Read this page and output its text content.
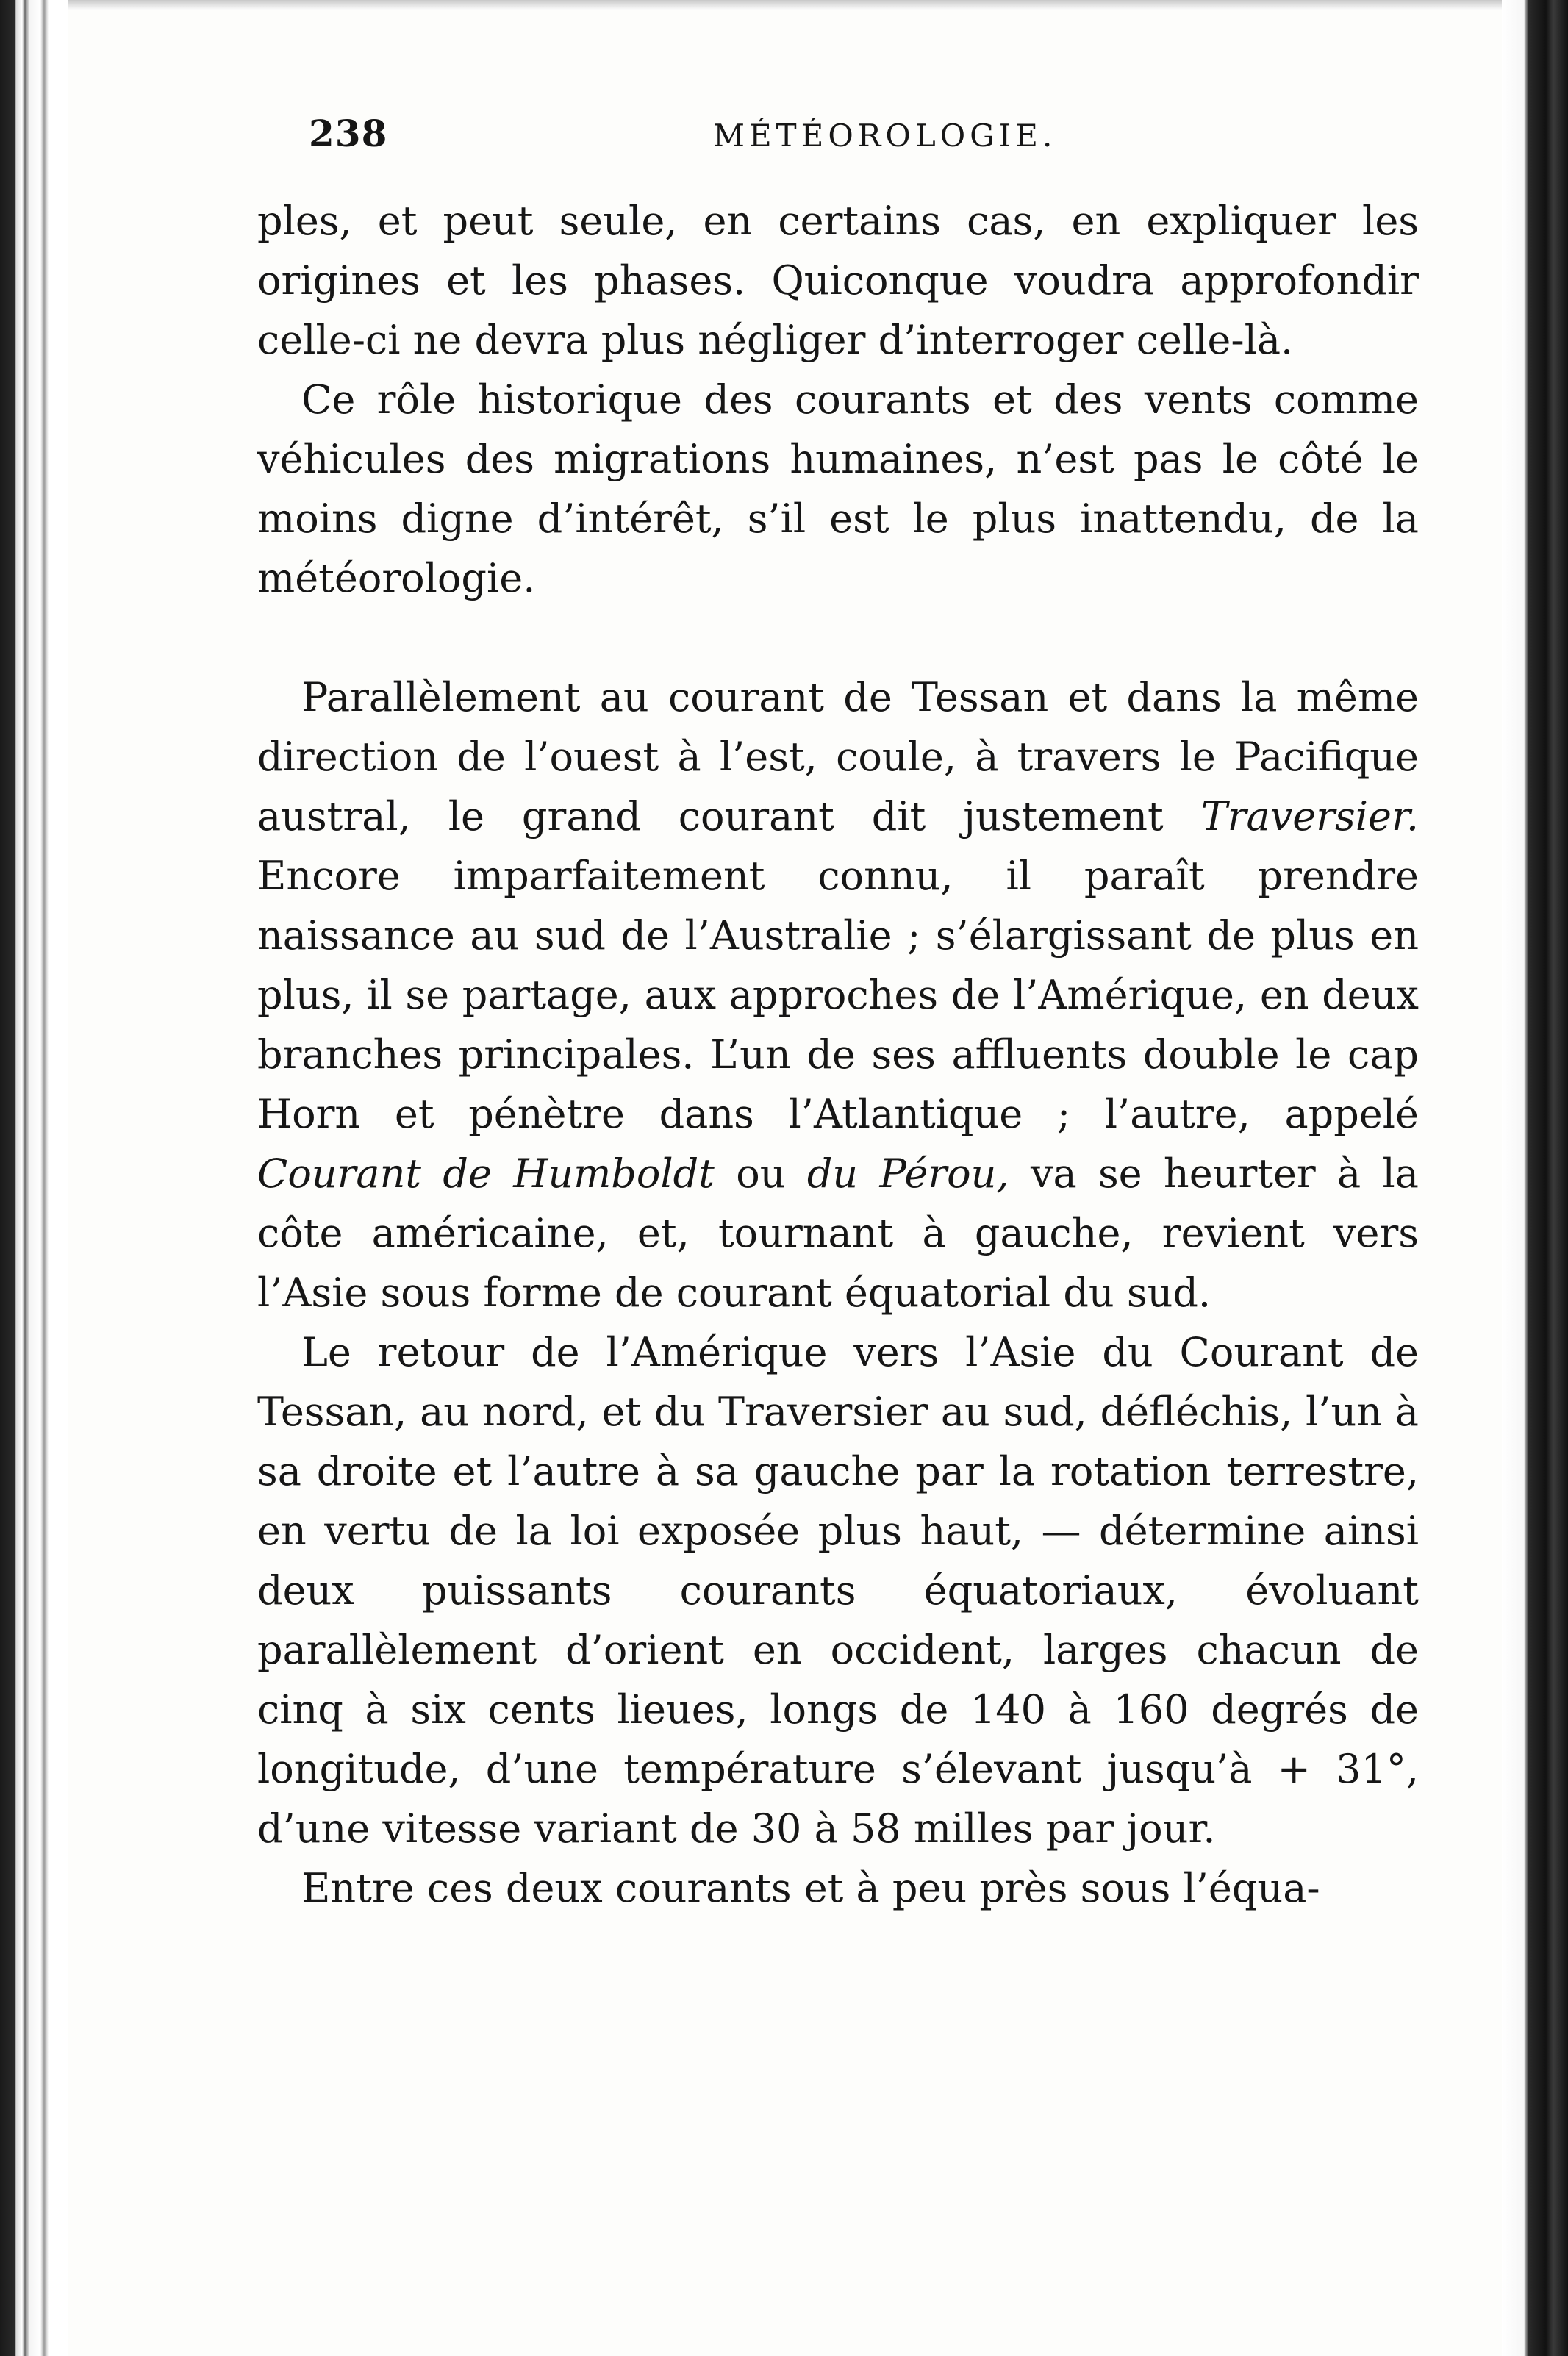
238	MÉTÉOROLOGIE.

ples, et peut seule, en certains cas, en expliquer les origines et les phases. Quiconque voudra approfondir celle-ci ne devra plus négliger d’interroger celle-là.

Ce rôle historique des courants et des vents comme véhicules des migrations humaines, n’est pas le côté le moins digne d’intérêt, s’il est le plus inattendu, de la météorologie.

Parallèlement au courant de Tessan et dans la même direction de l’ouest à l’est, coule, à travers le Pacifique austral, le grand courant dit justement Traversier. Encore imparfaitement connu, il paraît prendre naissance au sud de l’Australie ; s’élargissant de plus en plus, il se partage, aux approches de l’Amérique, en deux branches principales. L’un de ses affluents double le cap Horn et pénètre dans l’Atlantique ; l’autre, appelé Courant de Humboldt ou du Pérou, va se heurter à la côte américaine, et, tournant à gauche, revient vers l’Asie sous forme de courant équatorial du sud.

Le retour de l’Amérique vers l’Asie du Courant de Tessan, au nord, et du Traversier au sud, défléchis, l’un à sa droite et l’autre à sa gauche par la rotation terrestre, en vertu de la loi exposée plus haut, — détermine ainsi deux puissants courants équatoriaux, évoluant parallèlement d’orient en occident, larges chacun de cinq à six cents lieues, longs de 140 à 160 degrés de longitude, d’une température s’élevant jusqu’à + 31°, d’une vitesse variant de 30 à 58 milles par jour.

Entre ces deux courants et à peu près sous l’équa-
